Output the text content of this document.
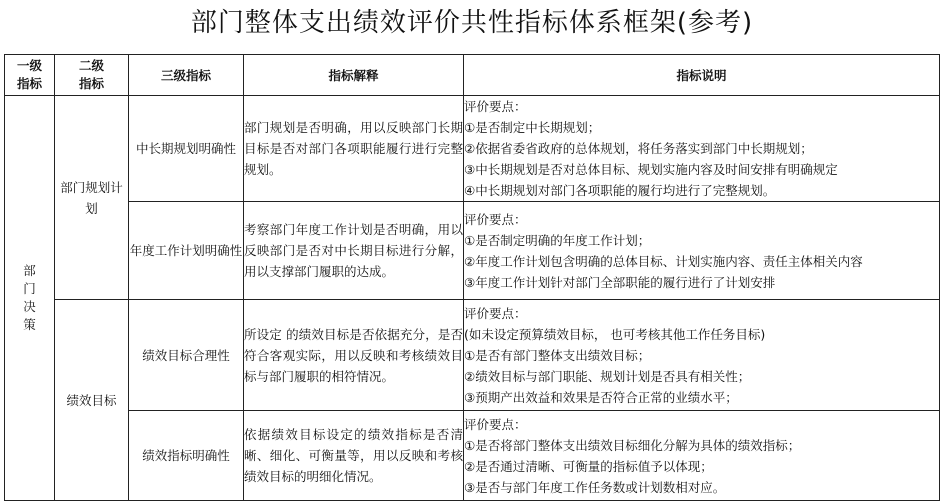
部门整体支出绩效评价共性指标体系框架(参考)
一级指标	二级指标	三级指标	指标解释	指标说明
部门决策	部门规划计划	中长期规划明确性	部门规划是否明确，用以反映部门长期目标是否对部门各项职能履行进行完整规划。	评价要点：
①是否制定中长期规划；
②依据省委省政府的总体规划，将任务落实到部门中长期规划；
③中长期规划是否对总体目标、规划实施内容及时间安排有明确规定
④中长期规划对部门各项职能的履行均进行了完整规划。

		年度工作计划明确性	考察部门年度工作计划是否明确，用以反映部门是否对中长期目标进行分解，用以支撑部门履职的达成。	评价要点：
①是否制定明确的年度工作计划；
②年度工作计划包含明确的总体目标、计划实施内容、责任主体相关内容
③年度工作计划针对部门全部职能的履行进行了计划安排

	绩效目标	绩效目标合理性	所设定 的绩效目标是否依据充分，是否符合客观实际，用以反映和考核绩效目标与部门履职的相符情况。	评价要点：
(如未设定预算绩效目标， 也可考核其他工作任务目标)
①是否有部门整体支出绩效目标；
②绩效目标与部门职能、规划计划是否具有相关性；
③预期产出效益和效果是否符合正常的业绩水平；

		绩效指标明确性	依据绩效目标设定的绩效指标是否清晰、细化、可衡量等，用以反映和考核绩效目标的明细化情况。	评价要点：
①是否将部门整体支出绩效目标细化分解为具体的绩效指标；
②是否通过清晰、可衡量的指标值予以体现；
③是否与部门年度工作任务数或计划数相对应。
